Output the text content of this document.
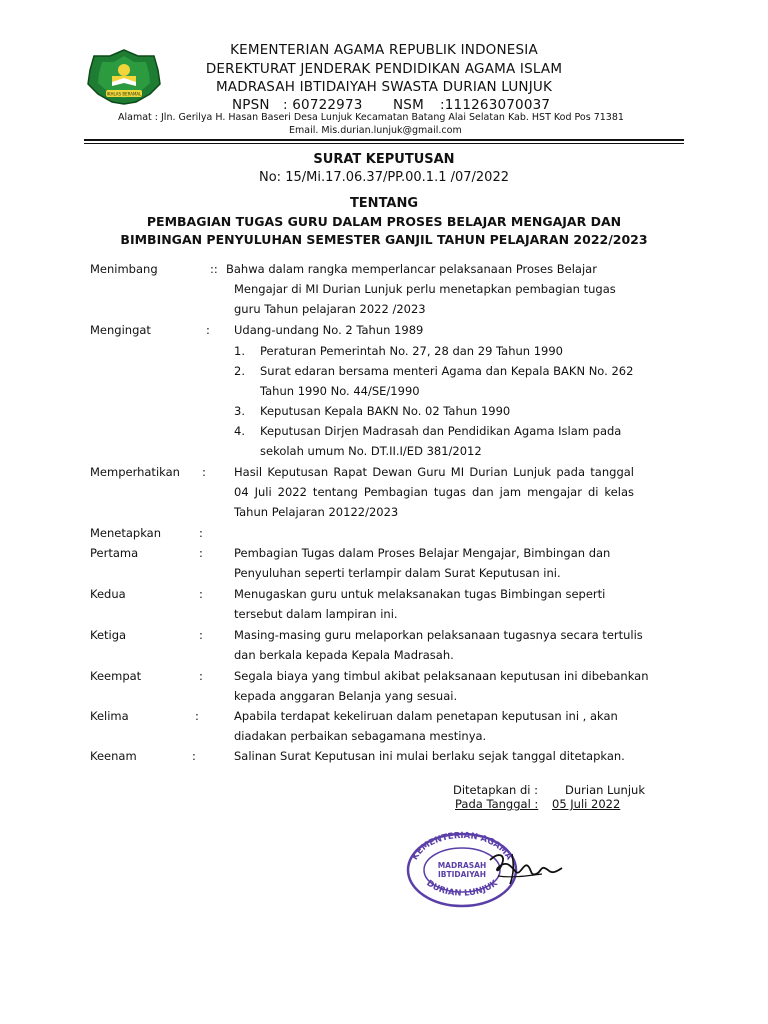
IKHLAS BERAMAL
KEMENTERIAN AGAMA REPUBLIK INDONESIA
DEREKTURAT JENDERAK PENDIDIKAN AGAMA ISLAM
MADRASAH IBTIDAIYAH SWASTA DURIAN LUNJUK
NPSN : 60722973 NSM :111263070037
Alamat : Jln. Gerilya H. Hasan Baseri Desa Lunjuk Kecamatan Batang Alai Selatan Kab. HST Kod Pos 71381
Email. Mis.durian.lunjuk@gmail.com
SURAT KEPUTUSAN
No: 15/Mi.17.06.37/PP.00.1.1 /07/2022
TENTANG
PEMBAGIAN TUGAS GURU DALAM PROSES BELAJAR MENGAJAR DAN
BIMBINGAN PENYULUHAN SEMESTER GANJIL TAHUN PELAJARAN 2022/2023
Menimbang	:: Bahwa dalam rangka memperlancar pelaksanaan Proses Belajar
Mengajar di MI Durian Lunjuk perlu menetapkan pembagian tugas
guru Tahun pelajaran 2022 /2023
Mengingat	: Udang-undang No. 2 Tahun 1989
1. Peraturan Pemerintah No. 27, 28 dan 29 Tahun 1990
2. Surat edaran bersama menteri Agama dan Kepala BAKN No. 262
Tahun 1990 No. 44/SE/1990
3. Keputusan Kepala BAKN No. 02 Tahun 1990
4. Keputusan Dirjen Madrasah dan Pendidikan Agama Islam pada
sekolah umum No. DT.II.I/ED 381/2012
Memperhatikan : Hasil Keputusan Rapat Dewan Guru MI Durian Lunjuk pada tanggal
04 Juli 2022 tentang Pembagian tugas dan jam mengajar di kelas
Tahun Pelajaran 20122/2023
Menetapkan	:
Pertama	:	Pembagian Tugas dalam Proses Belajar Mengajar, Bimbingan dan
Penyuluhan seperti terlampir dalam Surat Keputusan ini.
Kedua	:	Menugaskan guru untuk melaksanakan tugas Bimbingan seperti
tersebut dalam lampiran ini.
Ketiga	:	Masing-masing guru melaporkan pelaksanaan tugasnya secara tertulis
dan berkala kepada Kepala Madrasah.
Keempat	:	Segala biaya yang timbul akibat pelaksanaan keputusan ini dibebankan
kepada anggaran Belanja yang sesuai.
Kelima	:	Apabila terdapat kekeliruan dalam penetapan keputusan ini , akan
diadakan perbaikan sebagamana mestinya.
Keenam	:	Salinan Surat Keputusan ini mulai berlaku sejak tanggal ditetapkan.
Ditetapkan di : Durian Lunjuk
Pada Tanggal : 05 Juli 2022
KEMENTERIAN AGAMA
DURIAN LUNJUK
MADRASAH
IBTIDAIYAH
